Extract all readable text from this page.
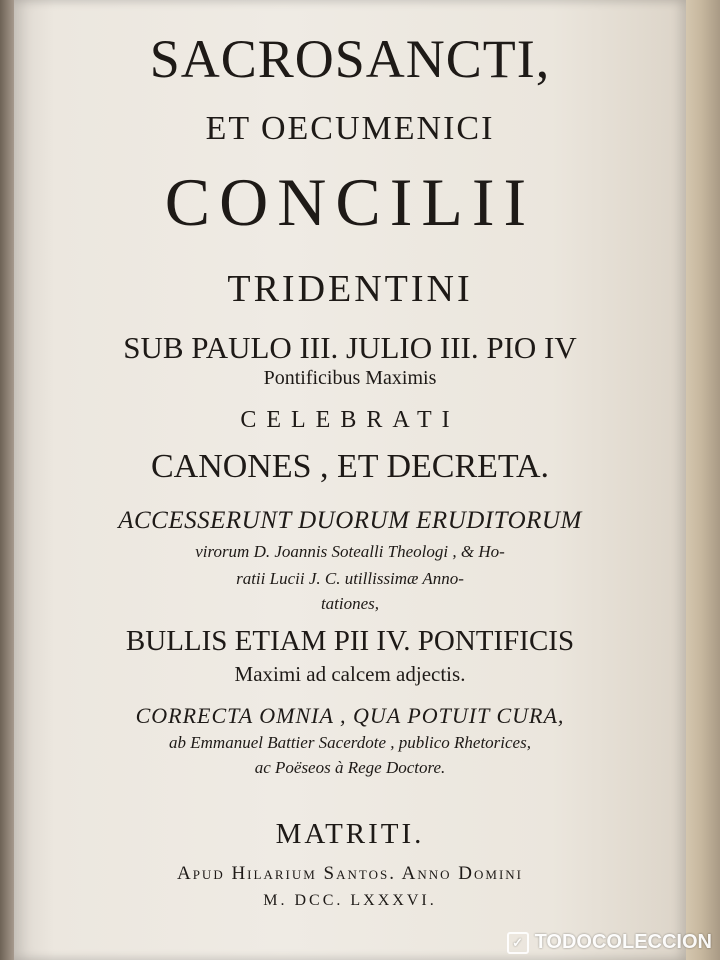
SACROSANCTI,
ET OECUMENICI
CONCILII
TRIDENTINI
SUB PAULO III. JULIO III. PIO IV
Pontificibus Maximis
CELEBRATI
CANONES , ET DECRETA.
ACCESSERUNT DUORUM ERUDITORUM
virorum D. Joannis Sotealli Theologi , & Ho-
ratii Lucii J. C. utillissimæ Anno-
tationes,
BULLIS ETIAM PII IV. PONTIFICIS
Maximi ad calcem adjectis.
CORRECTA OMNIA , QUA POTUIT CURA,
ab Emmanuel Battier Sacerdote , publico Rhetorices,
ac Poëseos à Rege Doctore.
MATRITI.
Apud Hilarium Santos. Anno Domini
M. DCC. LXXXVI.
✓ TODOCOLECCION
